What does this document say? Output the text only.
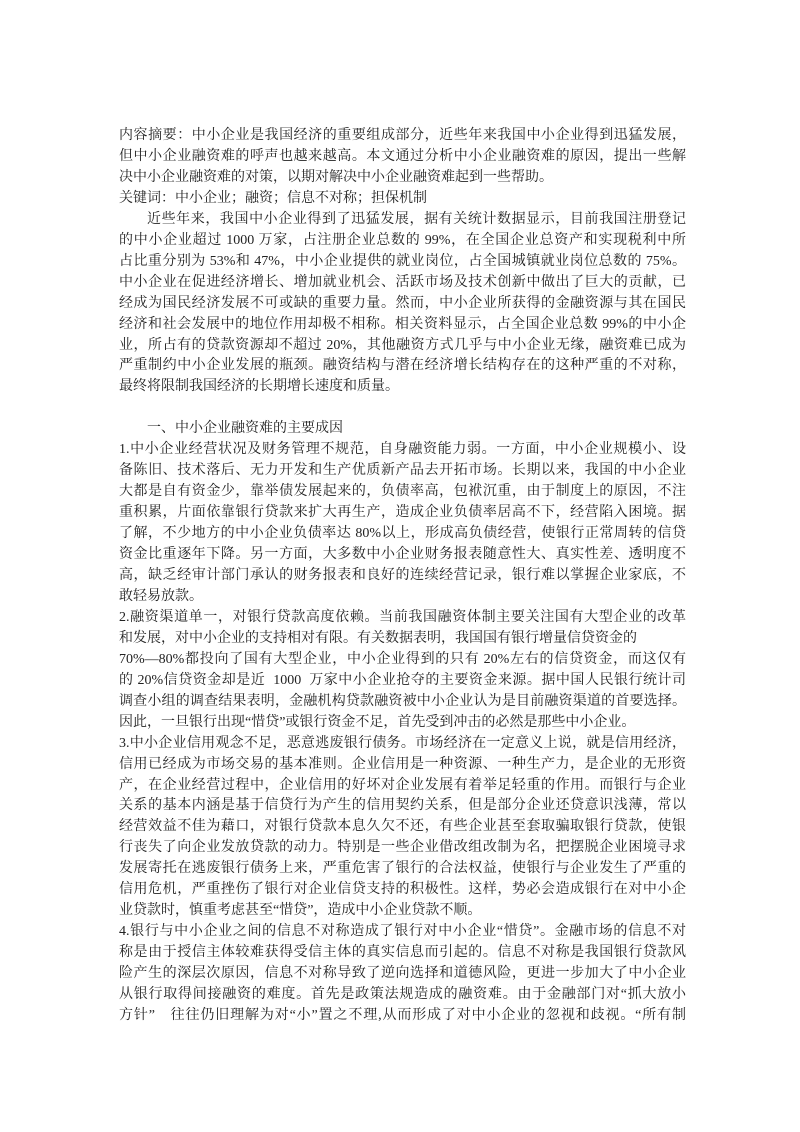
内容摘要：中小企业是我国经济的重要组成部分，近些年来我国中小企业得到迅猛发展，
但中小企业融资难的呼声也越来越高。本文通过分析中小企业融资难的原因，提出一些解
决中小企业融资难的对策，以期对解决中小企业融资难起到一些帮助。
关键词：中小企业；融资；信息不对称；担保机制
近些年来，我国中小企业得到了迅猛发展，据有关统计数据显示，目前我国注册登记
的中小企业超过 1000 万家，占注册企业总数的 99%，在全国企业总资产和实现税利中所
占比重分别为 53%和 47%，中小企业提供的就业岗位，占全国城镇就业岗位总数的 75%。
中小企业在促进经济增长、增加就业机会、活跃市场及技术创新中做出了巨大的贡献，已
经成为国民经济发展不可或缺的重要力量。然而，中小企业所获得的金融资源与其在国民
经济和社会发展中的地位作用却极不相称。相关资料显示，占全国企业总数 99%的中小企
业，所占有的贷款资源却不超过 20%，其他融资方式几乎与中小企业无缘，融资难已成为
严重制约中小企业发展的瓶颈。融资结构与潜在经济增长结构存在的这种严重的不对称，
最终将限制我国经济的长期增长速度和质量。
一、中小企业融资难的主要成因
1.中小企业经营状况及财务管理不规范，自身融资能力弱。一方面，中小企业规模小、设
备陈旧、技术落后、无力开发和生产优质新产品去开拓市场。长期以来，我国的中小企业
大都是自有资金少，靠举债发展起来的，负债率高，包袱沉重，由于制度上的原因，不注
重积累，片面依靠银行贷款来扩大再生产，造成企业负债率居高不下，经营陷入困境。据
了解，不少地方的中小企业负债率达 80%以上，形成高负债经营，使银行正常周转的信贷
资金比重逐年下降。另一方面，大多数中小企业财务报表随意性大、真实性差、透明度不
高，缺乏经审计部门承认的财务报表和良好的连续经营记录，银行难以掌握企业家底，不
敢轻易放款。
2.融资渠道单一，对银行贷款高度依赖。当前我国融资体制主要关注国有大型企业的改革
和发展，对中小企业的支持相对有限。有关数据表明，我国国有银行增量信贷资金的
70%—80%都投向了国有大型企业，中小企业得到的只有 20%左右的信贷资金，而这仅有
的 20%信贷资金却是近  1000  万家中小企业抢夺的主要资金来源。据中国人民银行统计司
调查小组的调查结果表明，金融机构贷款融资被中小企业认为是目前融资渠道的首要选择。
因此，一旦银行出现“惜贷”或银行资金不足，首先受到冲击的必然是那些中小企业。
3.中小企业信用观念不足，恶意逃废银行债务。市场经济在一定意义上说，就是信用经济，
信用已经成为市场交易的基本准则。企业信用是一种资源、一种生产力，是企业的无形资
产，在企业经营过程中，企业信用的好坏对企业发展有着举足轻重的作用。而银行与企业
关系的基本内涵是基于信贷行为产生的信用契约关系，但是部分企业还贷意识浅薄，常以
经营效益不佳为藉口，对银行贷款本息久欠不还，有些企业甚至套取骗取银行贷款，使银
行丧失了向企业发放贷款的动力。特别是一些企业借改组改制为名，把摆脱企业困境寻求
发展寄托在逃废银行债务上来，严重危害了银行的合法权益，使银行与企业发生了严重的
信用危机，严重挫伤了银行对企业信贷支持的积极性。这样，势必会造成银行在对中小企
业贷款时，慎重考虑甚至“惜贷”，造成中小企业贷款不顺。
4.银行与中小企业之间的信息不对称造成了银行对中小企业“惜贷”。金融市场的信息不对
称是由于授信主体较难获得受信主体的真实信息而引起的。信息不对称是我国银行贷款风
险产生的深层次原因，信息不对称导致了逆向选择和道德风险，更进一步加大了中小企业
从银行取得间接融资的难度。首先是政策法规造成的融资难。由于金融部门对“抓大放小
方针”　往往仍旧理解为对“小”置之不理,从而形成了对中小企业的忽视和歧视。“所有制
